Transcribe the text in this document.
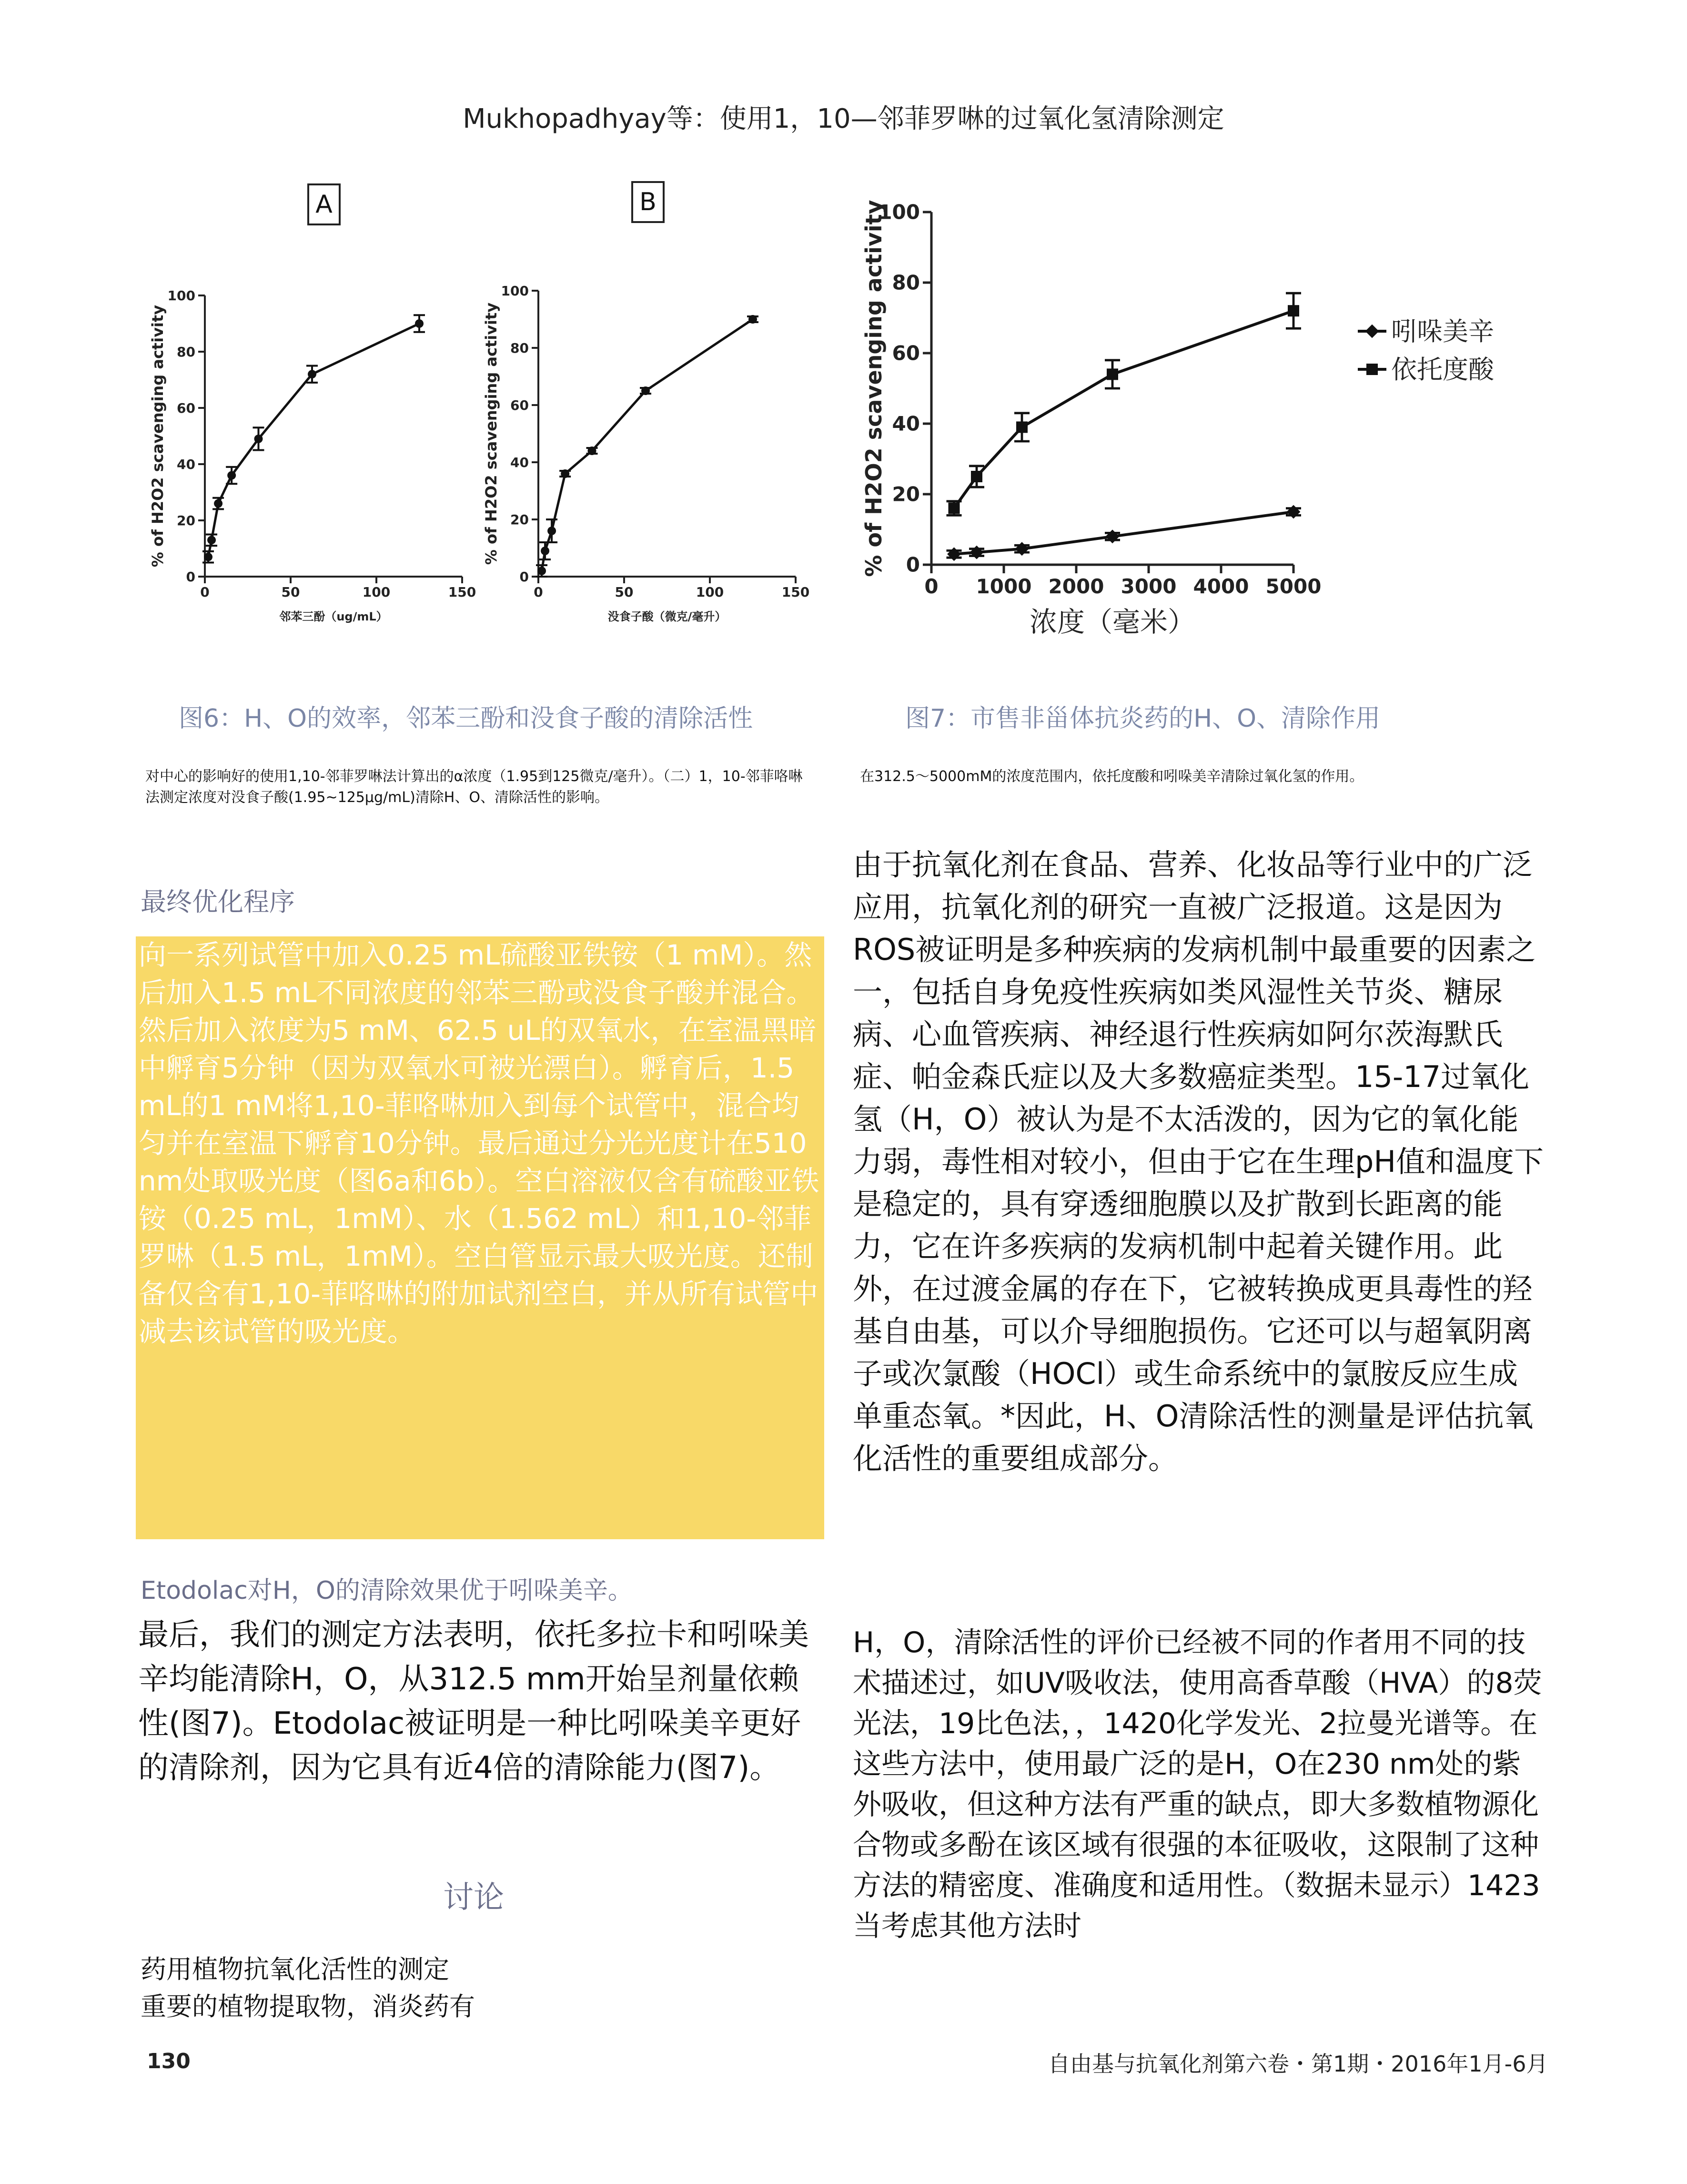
Mukhopadhyay等：使用1，10—邻菲罗啉的过氧化氢清除测定
A	B
0
20
40
60
80
100
0	50	100	150
% of H2O2 scavenging activity
邻苯三酚（ug/mL）
0
20
40
60
80
100
0	50	100	150
% of H2O2 scavenging activity
没食子酸（微克/毫升）
0
20
40
60
80
100
0 1000 2000 3000 4000 5000
% of H2O2 scavenging activity
浓度（毫米）
吲哚美辛
依托度酸
图6：H、O的效率，邻苯三酚和没食子酸的清除活性	图7：市售非甾体抗炎药的H、O、清除作用
对中心的影响好的使用1,10-邻菲罗啉法计算出的α浓度（1.95到125微克/毫升）。（二）1，10-邻菲咯啉法测定浓度对没食子酸(1.95~125µg/mL)清除H、O、清除活性的影响。
在312.5～5000mM的浓度范围内，依托度酸和吲哚美辛清除过氧化氢的作用。
最终优化程序
向一系列试管中加入0.25 mL硫酸亚铁铵（1 mM）。然后加入1.5 mL不同浓度的邻苯三酚或没食子酸并混合。然后加入浓度为5 mM、62.5 uL的双氧水，在室温黑暗中孵育5分钟（因为双氧水可被光漂白）。孵育后，1.5 mL的1 mM将1,10-菲咯啉加入到每个试管中，混合均匀并在室温下孵育10分钟。最后通过分光光度计在510 nm处取吸光度（图6a和6b）。空白溶液仅含有硫酸亚铁铵（0.25 mL，1mM）、水（1.562 mL）和1,10-邻菲罗啉（1.5 mL，1mM）。空白管显示最大吸光度。还制备仅含有1,10-菲咯啉的附加试剂空白，并从所有试管中减去该试管的吸光度。
Etodolac对H，O的清除效果优于吲哚美辛。
最后，我们的测定方法表明，依托多拉卡和吲哚美辛均能清除H，O，从312.5 mm开始呈剂量依赖性(图7)。Etodolac被证明是一种比吲哚美辛更好的清除剂，因为它具有近4倍的清除能力(图7)。
讨论
药用植物抗氧化活性的测定
重要的植物提取物，消炎药有
由于抗氧化剂在食品、营养、化妆品等行业中的广泛应用，抗氧化剂的研究一直被广泛报道。这是因为ROS被证明是多种疾病的发病机制中最重要的因素之一，包括自身免疫性疾病如类风湿性关节炎、糖尿病、心血管疾病、神经退行性疾病如阿尔茨海默氏症、帕金森氏症以及大多数癌症类型。15-17过氧化氢（H，O）被认为是不太活泼的，因为它的氧化能力弱，毒性相对较小，但由于它在生理pH值和温度下是稳定的，具有穿透细胞膜以及扩散到长距离的能力，它在许多疾病的发病机制中起着关键作用。此外，在过渡金属的存在下，它被转换成更具毒性的羟基自由基，可以介导细胞损伤。它还可以与超氧阴离子或次氯酸（HOCl）或生命系统中的氯胺反应生成单重态氧。*因此，H、O清除活性的测量是评估抗氧化活性的重要组成部分。
H，O，清除活性的评价已经被不同的作者用不同的技术描述过，如UV吸收法，使用高香草酸（HVA）的8荧光法，19比色法，，1420化学发光、2拉曼光谱等。在这些方法中，使用最广泛的是H，O在230 nm处的紫外吸收，但这种方法有严重的缺点，即大多数植物源化合物或多酚在该区域有很强的本征吸收，这限制了这种方法的精密度、准确度和适用性。（数据未显示）1423当考虑其他方法时
130	自由基与抗氧化剂第六卷・第1期・2016年1月-6月
